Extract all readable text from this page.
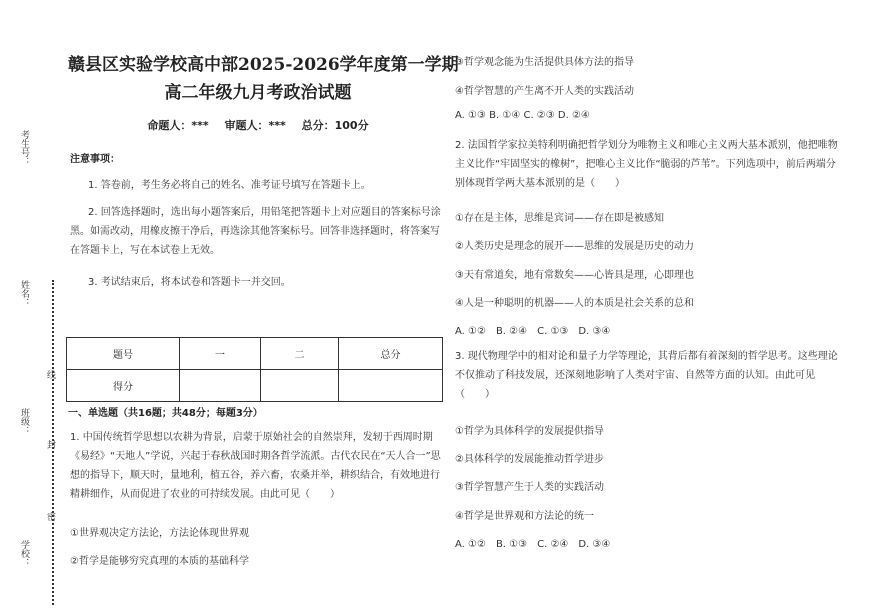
考生号：
姓名：
班级：
学校：
线
封
密
赣县区实验学校高中部2025-2026学年度第一学期
高二年级九月考政治试题
命题人：*** 审题人：*** 总分：100分
注意事项：
1. 答卷前，考生务必将自己的姓名、准考证号填写在答题卡上。
2. 回答选择题时，选出每小题答案后，用铅笔把答题卡上对应题目的答案标号涂黑。如需改动，用橡皮擦干净后，再选涂其他答案标号。回答非选择题时，将答案写在答题卡上，写在本试卷上无效。
3. 考试结束后，将本试卷和答题卡一并交回。
题号	一	二	总分
得分			
一、单选题（共16题；共48分；每题3分）
1. 中国传统哲学思想以农耕为背景，启蒙于原始社会的自然崇拜，发轫于西周时期《易经》“天地人”学说，兴起于春秋战国时期各哲学流派。古代农民在“天人合一”思想的指导下，顺天时，量地利，植五谷，养六畜，农桑并举，耕织结合，有效地进行精耕细作，从而促进了农业的可持续发展。由此可见（　　）
①世界观决定方法论，方法论体现世界观
②哲学是能够穷究真理的本质的基础科学
③哲学观念能为生活提供具体方法的指导
④哲学智慧的产生离不开人类的实践活动
A. ①③ B. ①④ C. ②③ D. ②④
2. 法国哲学家拉美特利明确把哲学划分为唯物主义和唯心主义两大基本派别，他把唯物主义比作“牢固坚实的橡树”，把唯心主义比作“脆弱的芦苇”。下列选项中，前后两端分别体现哲学两大基本派别的是（　　）
①存在是主体，思维是宾词——存在即是被感知
②人类历史是理念的展开——思维的发展是历史的动力
③天有常道矣，地有常数矣——心皆具是理，心即理也
④人是一种聪明的机器——人的本质是社会关系的总和
A. ①②　B. ②④　C. ①③　D. ③④
3. 现代物理学中的相对论和量子力学等理论，其背后都有着深刻的哲学思考。这些理论不仅推动了科技发展，还深刻地影响了人类对宇宙、自然等方面的认知。由此可见（　　）
①哲学为具体科学的发展提供指导
②具体科学的发展能推动哲学进步
③哲学智慧产生于人类的实践活动
④哲学是世界观和方法论的统一
A. ①②　B. ①③　C. ②④　D. ③④
